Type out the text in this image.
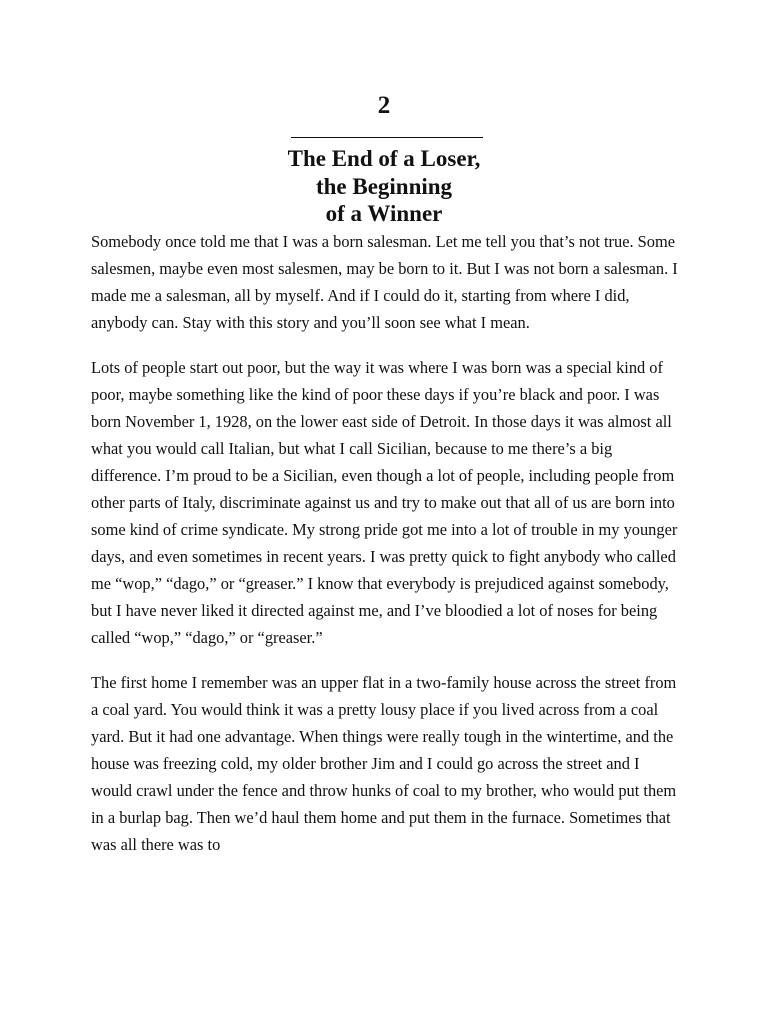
2
The End of a Loser,
the Beginning
of a Winner

Somebody once told me that I was a born salesman. Let me tell you that’s not true. Some salesmen, maybe even most salesmen, may be born to it. But I was not born a salesman. I made me a salesman, all by myself. And if I could do it, starting from where I did, anybody can. Stay with this story and you’ll soon see what I mean.

Lots of people start out poor, but the way it was where I was born was a special kind of poor, maybe something like the kind of poor these days if you’re black and poor. I was born November 1, 1928, on the lower east side of Detroit. In those days it was almost all what you would call Italian, but what I call Sicilian, because to me there’s a big difference. I’m proud to be a Sicilian, even though a lot of people, including people from other parts of Italy, discriminate against us and try to make out that all of us are born into some kind of crime syndicate. My strong pride got me into a lot of trouble in my younger days, and even sometimes in recent years. I was pretty quick to fight anybody who called me “wop,” “dago,” or “greaser.” I know that everybody is prejudiced against somebody, but I have never liked it directed against me, and I’ve bloodied a lot of noses for being called “wop,” “dago,” or “greaser.”

The first home I remember was an upper flat in a two-family house across the street from a coal yard. You would think it was a pretty lousy place if you lived across from a coal yard. But it had one advantage. When things were really tough in the wintertime, and the house was freezing cold, my older brother Jim and I could go across the street and I would crawl under the fence and throw hunks of coal to my brother, who would put them in a burlap bag. Then we’d haul them home and put them in the furnace. Sometimes that was all there was to
